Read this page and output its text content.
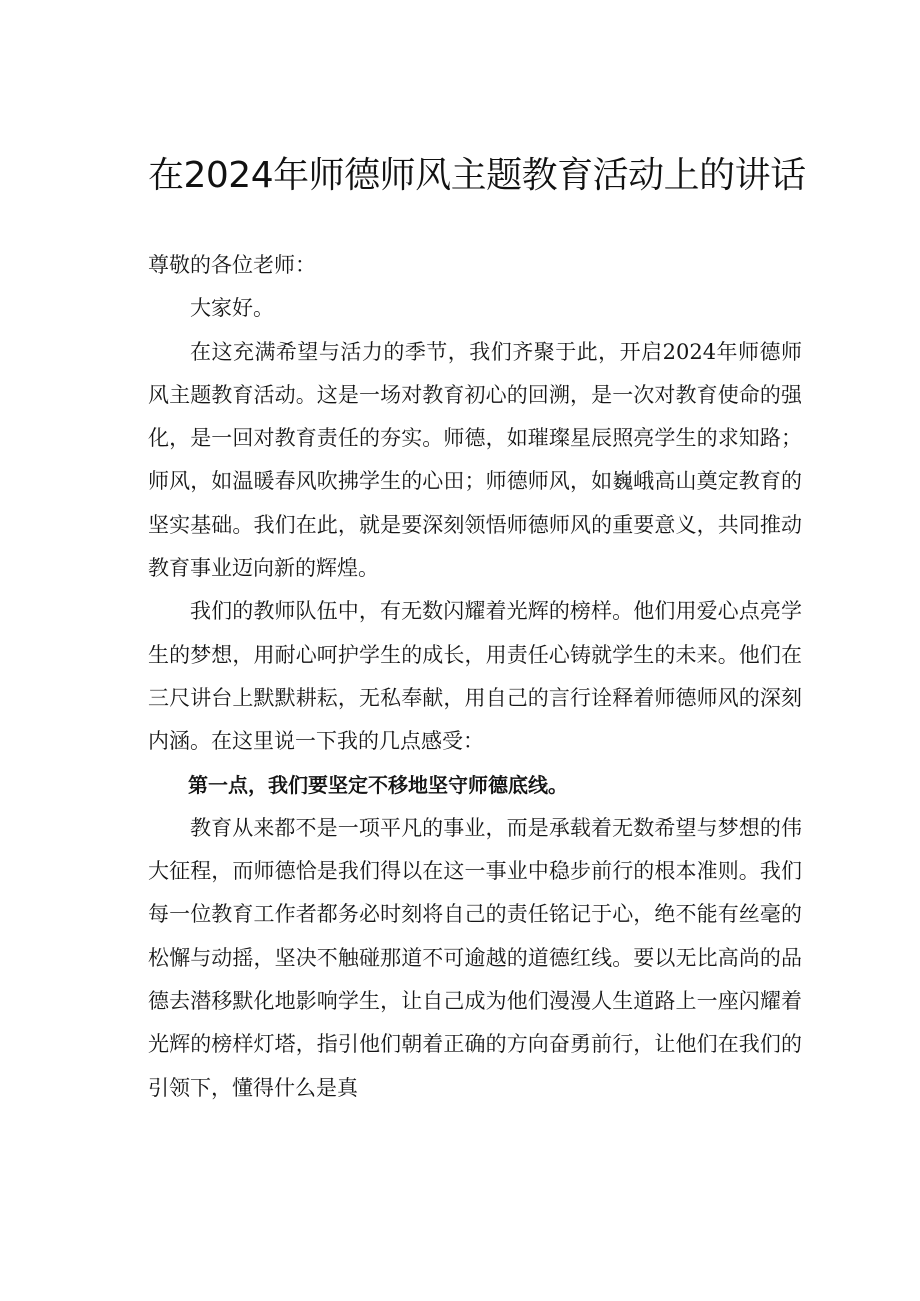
在2024年师德师风主题教育活动上的讲话

尊敬的各位老师：

大家好。

在这充满希望与活力的季节，我们齐聚于此，开启2024年师德师风主题教育活动。这是一场对教育初心的回溯，是一次对教育使命的强化，是一回对教育责任的夯实。师德，如璀璨星辰照亮学生的求知路；师风，如温暖春风吹拂学生的心田；师德师风，如巍峨高山奠定教育的坚实基础。我们在此，就是要深刻领悟师德师风的重要意义，共同推动教育事业迈向新的辉煌。

我们的教师队伍中，有无数闪耀着光辉的榜样。他们用爱心点亮学生的梦想，用耐心呵护学生的成长，用责任心铸就学生的未来。他们在三尺讲台上默默耕耘，无私奉献，用自己的言行诠释着师德师风的深刻内涵。在这里说一下我的几点感受：

第一点，我们要坚定不移地坚守师德底线。

教育从来都不是一项平凡的事业，而是承载着无数希望与梦想的伟大征程，而师德恰是我们得以在这一事业中稳步前行的根本准则。我们每一位教育工作者都务必时刻将自己的责任铭记于心，绝不能有丝毫的松懈与动摇，坚决不触碰那道不可逾越的道德红线。要以无比高尚的品德去潜移默化地影响学生，让自己成为他们漫漫人生道路上一座闪耀着光辉的榜样灯塔，指引他们朝着正确的方向奋勇前行，让他们在我们的引领下，懂得什么是真
